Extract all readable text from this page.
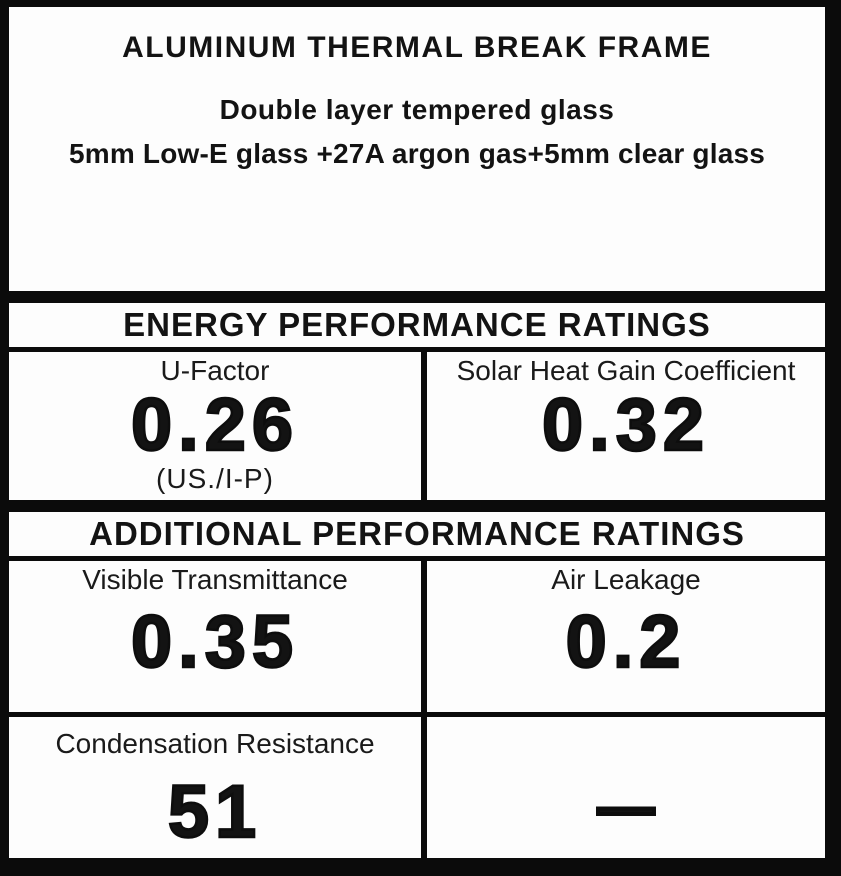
ALUMINUM THERMAL BREAK FRAME
Double layer tempered glass
5mm Low-E glass +27A argon gas+5mm clear glass
ENERGY PERFORMANCE RATINGS
U-Factor
0.26
(US./I-P)
Solar Heat Gain Coefficient
0.32
ADDITIONAL PERFORMANCE RATINGS
Visible Transmittance
0.35
Air Leakage
0.2
Condensation Resistance
51	—
